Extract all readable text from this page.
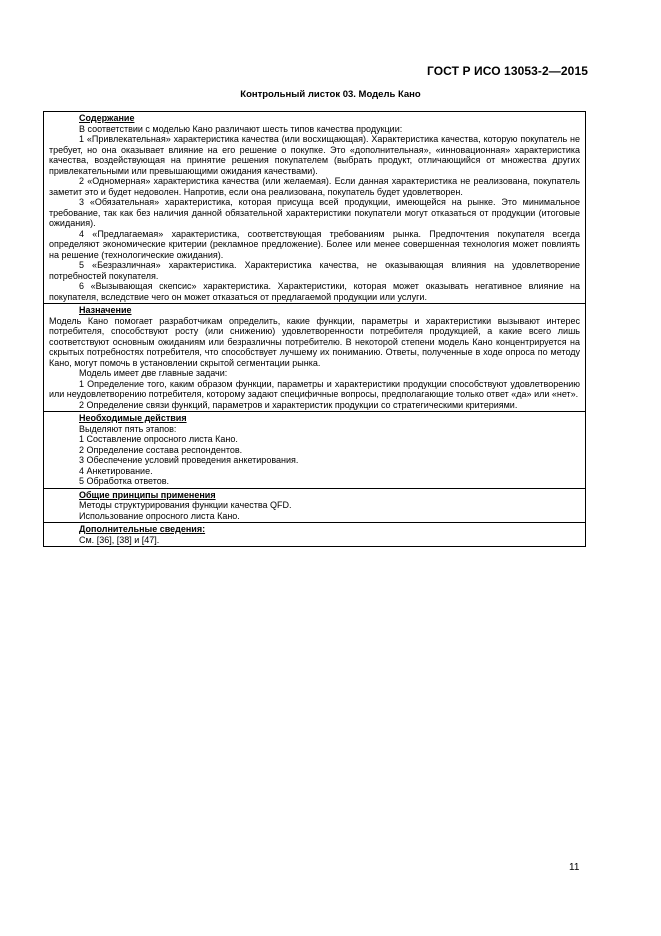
ГОСТ Р ИСО 13053-2—2015
Контрольный листок 03. Модель Кано
Содержание
В соответствии с моделью Кано различают шесть типов качества продукции:
1 «Привлекательная» характеристика качества (или восхищающая). Характеристика качества, которую покупатель не требует, но она оказывает влияние на его решение о покупке. Это «дополнительная», «инновационная» характеристика качества, воздействующая на принятие решения покупателем (выбрать продукт, отличающийся от множества других привлекательными или превышающими ожидания качествами).
2 «Одномерная» характеристика качества (или желаемая). Если данная характеристика не реализована, покупатель заметит это и будет недоволен. Напротив, если она реализована, покупатель будет удовлетворен.
3 «Обязательная» характеристика, которая присуща всей продукции, имеющейся на рынке. Это минимальное требование, так как без наличия данной обязательной характеристики покупатели могут отказаться от продукции (итоговые ожидания).
4 «Предлагаемая» характеристика, соответствующая требованиям рынка. Предпочтения покупателя всегда определяют экономические критерии (рекламное предложение). Более или менее совершенная технология может повлиять на решение (технологические ожидания).
5 «Безразличная» характеристика. Характеристика качества, не оказывающая влияния на удовлетворение потребностей покупателя.
6 «Вызывающая скепсис» характеристика. Характеристики, которая может оказывать негативное влияние на покупателя, вследствие чего он может отказаться от предлагаемой продукции или услуги.
Назначение
Модель Кано помогает разработчикам определить, какие функции, параметры и характеристики вызывают интерес потребителя, способствуют росту (или снижению) удовлетворенности потребителя продукцией, а какие всего лишь соответствуют основным ожиданиям или безразличны потребителю. В некоторой степени модель Кано концентрируется на скрытых потребностях потребителя, что способствует лучшему их пониманию. Ответы, полученные в ходе опроса по методу Кано, могут помочь в установлении скрытой сегментации рынка.
Модель имеет две главные задачи:
1 Определение того, каким образом функции, параметры и характеристики продукции способствуют удовлетворению или неудовлетворению потребителя, которому задают специфичные вопросы, предполагающие только ответ «да» или «нет».
2 Определение связи функций, параметров и характеристик продукции со стратегическими критериями.
Необходимые действия
Выделяют пять этапов:
1 Составление опросного листа Кано.
2 Определение состава респондентов.
3 Обеспечение условий проведения анкетирования.
4 Анкетирование.
5 Обработка ответов.
Общие принципы применения
Методы структурирования функции качества QFD.
Использование опросного листа Кано.
Дополнительные сведения:
См. [36], [38] и [47].
11
